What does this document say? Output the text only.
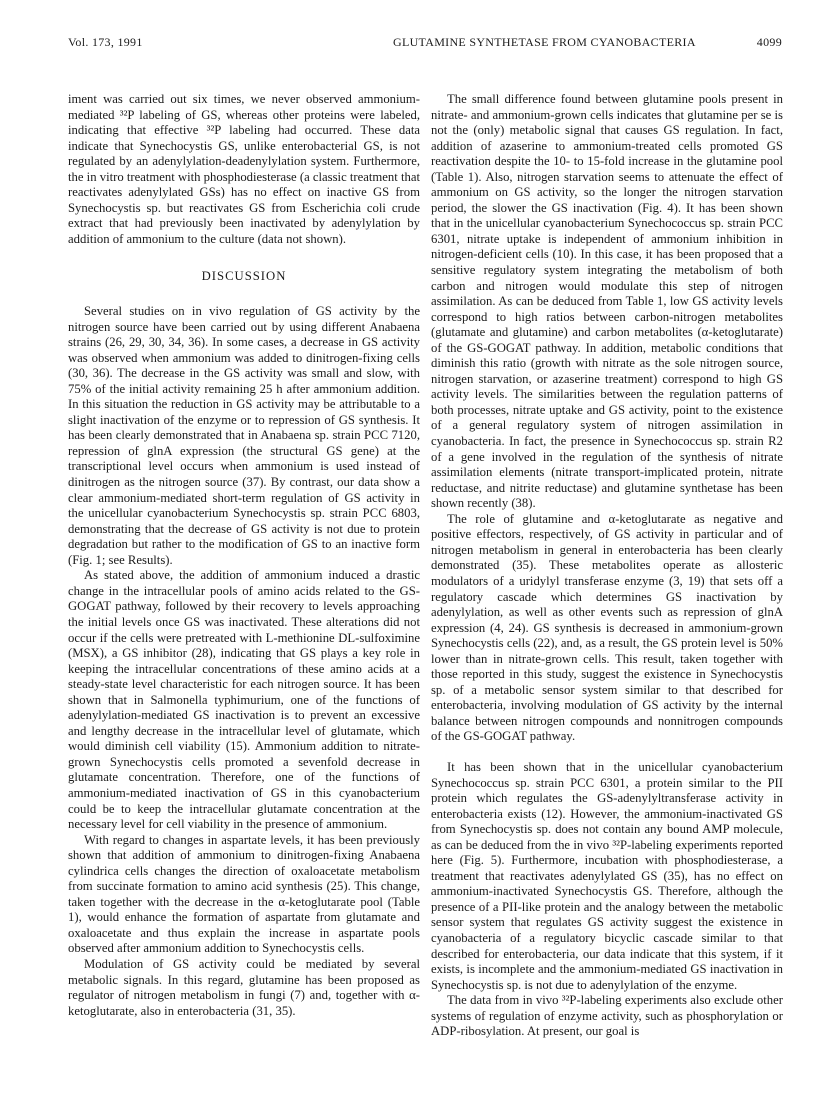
Vol. 173, 1991	GLUTAMINE SYNTHETASE FROM CYANOBACTERIA	4099

iment was carried out six times, we never observed ammonium-mediated ³²P labeling of GS, whereas other proteins were labeled, indicating that effective ³²P labeling had occurred. These data indicate that Synechocystis GS, unlike enterobacterial GS, is not regulated by an adenylylation-deadenylylation system. Furthermore, the in vitro treatment with phosphodiesterase (a classic treatment that reactivates adenylylated GSs) has no effect on inactive GS from Synechocystis sp. but reactivates GS from Escherichia coli crude extract that had previously been inactivated by adenylylation by addition of ammonium to the culture (data not shown).

DISCUSSION

Several studies on in vivo regulation of GS activity by the nitrogen source have been carried out by using different Anabaena strains (26, 29, 30, 34, 36). In some cases, a decrease in GS activity was observed when ammonium was added to dinitrogen-fixing cells (30, 36). The decrease in the GS activity was small and slow, with 75% of the initial activity remaining 25 h after ammonium addition. In this situation the reduction in GS activity may be attributable to a slight inactivation of the enzyme or to repression of GS synthesis. It has been clearly demonstrated that in Anabaena sp. strain PCC 7120, repression of glnA expression (the structural GS gene) at the transcriptional level occurs when ammonium is used instead of dinitrogen as the nitrogen source (37). By contrast, our data show a clear ammonium-mediated short-term regulation of GS activity in the unicellular cyanobacterium Synechocystis sp. strain PCC 6803, demonstrating that the decrease of GS activity is not due to protein degradation but rather to the modification of GS to an inactive form (Fig. 1; see Results).

As stated above, the addition of ammonium induced a drastic change in the intracellular pools of amino acids related to the GS-GOGAT pathway, followed by their recovery to levels approaching the initial levels once GS was inactivated. These alterations did not occur if the cells were pretreated with L-methionine DL-sulfoximine (MSX), a GS inhibitor (28), indicating that GS plays a key role in keeping the intracellular concentrations of these amino acids at a steady-state level characteristic for each nitrogen source. It has been shown that in Salmonella typhimurium, one of the functions of adenylylation-mediated GS inactivation is to prevent an excessive and lengthy decrease in the intracellular level of glutamate, which would diminish cell viability (15). Ammonium addition to nitrate-grown Synechocystis cells promoted a sevenfold decrease in glutamate concentration. Therefore, one of the functions of ammonium-mediated inactivation of GS in this cyanobacterium could be to keep the intracellular glutamate concentration at the necessary level for cell viability in the presence of ammonium.

With regard to changes in aspartate levels, it has been previously shown that addition of ammonium to dinitrogen-fixing Anabaena cylindrica cells changes the direction of oxaloacetate metabolism from succinate formation to amino acid synthesis (25). This change, taken together with the decrease in the α-ketoglutarate pool (Table 1), would enhance the formation of aspartate from glutamate and oxaloacetate and thus explain the increase in aspartate pools observed after ammonium addition to Synechocystis cells.

Modulation of GS activity could be mediated by several metabolic signals. In this regard, glutamine has been proposed as regulator of nitrogen metabolism in fungi (7) and, together with α-ketoglutarate, also in enterobacteria (31, 35).

The small difference found between glutamine pools present in nitrate- and ammonium-grown cells indicates that glutamine per se is not the (only) metabolic signal that causes GS regulation. In fact, addition of azaserine to ammonium-treated cells promoted GS reactivation despite the 10- to 15-fold increase in the glutamine pool (Table 1). Also, nitrogen starvation seems to attenuate the effect of ammonium on GS activity, so the longer the nitrogen starvation period, the slower the GS inactivation (Fig. 4). It has been shown that in the unicellular cyanobacterium Synechococcus sp. strain PCC 6301, nitrate uptake is independent of ammonium inhibition in nitrogen-deficient cells (10). In this case, it has been proposed that a sensitive regulatory system integrating the metabolism of both carbon and nitrogen would modulate this step of nitrogen assimilation. As can be deduced from Table 1, low GS activity levels correspond to high ratios between carbon-nitrogen metabolites (glutamate and glutamine) and carbon metabolites (α-ketoglutarate) of the GS-GOGAT pathway. In addition, metabolic conditions that diminish this ratio (growth with nitrate as the sole nitrogen source, nitrogen starvation, or azaserine treatment) correspond to high GS activity levels. The similarities between the regulation patterns of both processes, nitrate uptake and GS activity, point to the existence of a general regulatory system of nitrogen assimilation in cyanobacteria. In fact, the presence in Synechococcus sp. strain R2 of a gene involved in the regulation of the synthesis of nitrate assimilation elements (nitrate transport-implicated protein, nitrate reductase, and nitrite reductase) and glutamine synthetase has been shown recently (38).

The role of glutamine and α-ketoglutarate as negative and positive effectors, respectively, of GS activity in particular and of nitrogen metabolism in general in enterobacteria has been clearly demonstrated (35). These metabolites operate as allosteric modulators of a uridylyl transferase enzyme (3, 19) that sets off a regulatory cascade which determines GS inactivation by adenylylation, as well as other events such as repression of glnA expression (4, 24). GS synthesis is decreased in ammonium-grown Synechocystis cells (22), and, as a result, the GS protein level is 50% lower than in nitrate-grown cells. This result, taken together with those reported in this study, suggest the existence in Synechocystis sp. of a metabolic sensor system similar to that described for enterobacteria, involving modulation of GS activity by the internal balance between nitrogen compounds and nonnitrogen compounds of the GS-GOGAT pathway.

It has been shown that in the unicellular cyanobacterium Synechococcus sp. strain PCC 6301, a protein similar to the PII protein which regulates the GS-adenylyltransferase activity in enterobacteria exists (12). However, the ammonium-inactivated GS from Synechocystis sp. does not contain any bound AMP molecule, as can be deduced from the in vivo ³²P-labeling experiments reported here (Fig. 5). Furthermore, incubation with phosphodiesterase, a treatment that reactivates adenylylated GS (35), has no effect on ammonium-inactivated Synechocystis GS. Therefore, although the presence of a PII-like protein and the analogy between the metabolic sensor system that regulates GS activity suggest the existence in cyanobacteria of a regulatory bicyclic cascade similar to that described for enterobacteria, our data indicate that this system, if it exists, is incomplete and the ammonium-mediated GS inactivation in Synechocystis sp. is not due to adenylylation of the enzyme.

The data from in vivo ³²P-labeling experiments also exclude other systems of regulation of enzyme activity, such as phosphorylation or ADP-ribosylation. At present, our goal is
